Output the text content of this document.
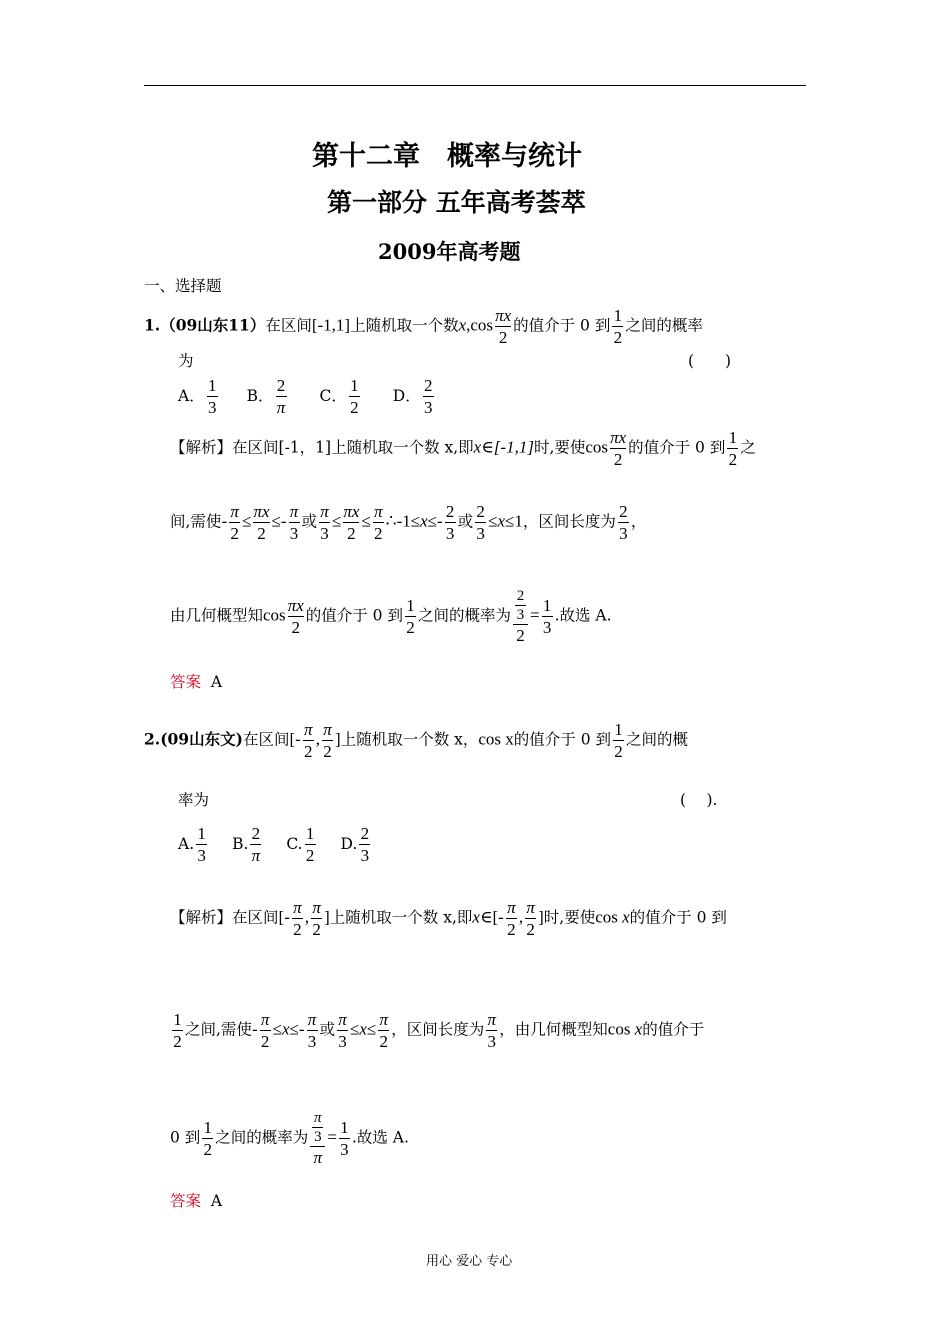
第十二章　概率与统计
第一部分 五年高考荟萃
2009年高考题
一、选择题
1.（09山东11）在区间[-1,1]上随机取一个数$x,\cos \frac{\pi x}{2}$ 的值介于 0 到 $\frac{1}{2}$ 之间的概率
为	(　　)
A． $\frac{1}{3}$ B． $\frac{2}{\pi}$ C． $\frac{1}{2}$ D． $\frac{2}{3}$
【解析】在区间[-1，1]上随机取一个数 x,即x∈[-1,1]时,要使$\cos \frac{\pi x}{2}$ 的值介于 0 到 $\frac{1}{2}$ 之
间,需使- $\frac{\pi}{2} \le \frac{\pi x}{2} \le- \frac{\pi}{3}$ 或 $\frac{\pi}{3} \le \frac{\pi x}{2} \le \frac{\pi}{2}$ ∴-1≤x≤- $\frac{2}{3}$ 或 $\frac{2}{3} \le x\le 1$，区间长度为 $\frac{2}{3}$ ，
由几何概型知$\cos \frac{\pi x}{2}$ 的值介于 0 到 $\frac{1}{2}$ 之间的概率为 $\frac{\frac{2}{3}}{2} = \frac{1}{3}$ .故选 A.
答案 A
2.(09山东文)在区间[- $\frac{\pi}{2}$ , $\frac{\pi}{2}$ ]上随机取一个数 x，cos x的值介于 0 到 $\frac{1}{2}$ 之间的概
率为	(　 ).
A. $\frac{1}{3} B$. $\frac{2}{\pi} C$. $\frac{1}{2} D$. $\frac{2}{3}$
【解析】在区间[- $\frac{\pi}{2}$ , $\frac{\pi}{2}$ ]上随机取一个数 x,即x∈[- $\frac{\pi}{2}$ , $\frac{\pi}{2}$ ]时,要使cos x的值介于 0 到
$\frac{1}{2}$ 之间,需使- $\frac{\pi}{2} \le x\le- \frac{\pi}{3}$ 或 $\frac{\pi}{3} \le x\le \frac{\pi}{2}$ ，区间长度为 $\frac{\pi}{3}$ ，由几何概型知cos x的值介于
0 到 $\frac{1}{2}$ 之间的概率为 $\frac{\frac{\pi}{3}}{\pi} = \frac{1}{3}$ .故选 A.
答案 A
用心 爱心 专心
